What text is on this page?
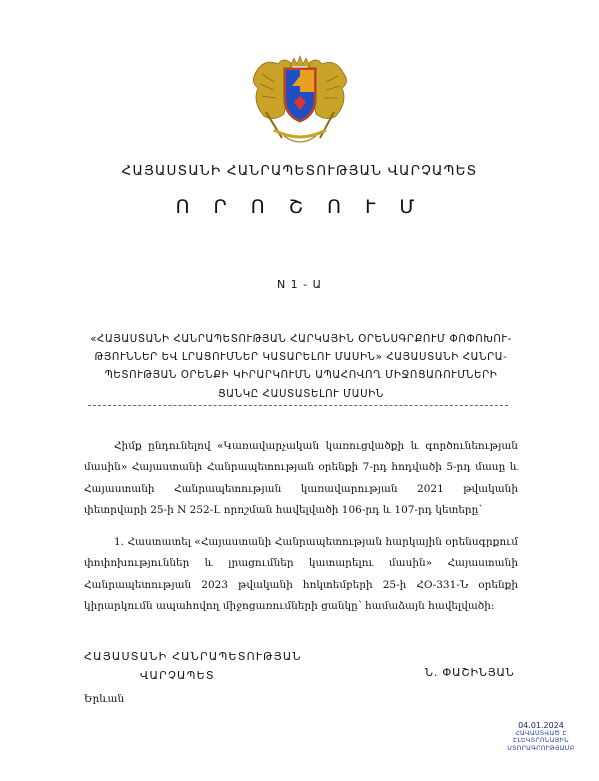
ՀԱՅԱՍՏԱՆԻ ՀԱՆՐԱՊԵՏՈՒԹՅԱՆ ՎԱՐՉԱՊԵՏ
Ո Ր Ո Շ Ո Ւ Մ
N 1 - Ա
«ՀԱՅԱՍՏԱՆԻ ՀԱՆՐԱՊԵՏՈՒԹՅԱՆ ՀԱՐԿԱՅԻՆ ՕՐԵՆՍԳՐՔՈՒՄ ՓՈՓՈԽՈՒ-
ԹՅՈՒՆՆԵՐ ԵՎ ԼՐԱՑՈՒՄՆԵՐ ԿԱՏԱՐԵԼՈՒ ՄԱՍԻՆ» ՀԱՅԱՍՏԱՆԻ ՀԱՆՐԱ-
ՊԵՏՈՒԹՅԱՆ ՕՐԵՆՔԻ ԿԻՐԱՐԿՈՒՄՆ ԱՊԱՀՈՎՈՂ ՄԻՋՈՑԱՌՈՒՄՆԵՐԻ
ՑԱՆԿԸ ՀԱՍՏԱՏԵԼՈՒ ՄԱՍԻՆ
Հիմք ընդունելով «Կառավարչական կառուցվածքի և գործունեության մասին» Հայաստանի Հանրապետության օրենքի 7-րդ հոդվածի 5-րդ մասը և Հայաստանի Հանրապետության կառավարության 2021 թվականի փետրվարի 25-ի N 252-Լ որոշման հավելվածի 106-րդ և 107-րդ կետերը՝
1. Հաստատել «Հայաստանի Հանրապետության հարկային օրենսգրքում փոփոխություններ և լրացումներ կատարելու մասին» Հայաստանի Հանրապետության 2023 թվականի հոկտեմբերի 25-ի ՀՕ-331-Ն օրենքի կիրարկումն ապահովող միջոցառումների ցանկը՝ համաձայն հավելվածի:
ՀԱՅԱՍՏԱՆԻ ՀԱՆՐԱՊԵՏՈՒԹՅԱՆ
ՎԱՐՉԱՊԵՏ	Ն. ՓԱՇԻՆՅԱՆ
Երևան
04.01.2024
ՀԱՎԱՍՏՎԱԾ Է
ԷԼԵԿՏՐՈՆԱՅԻՆ
ՍՏՈՐԱԳՐՈՒԹՅԱՄԲ
